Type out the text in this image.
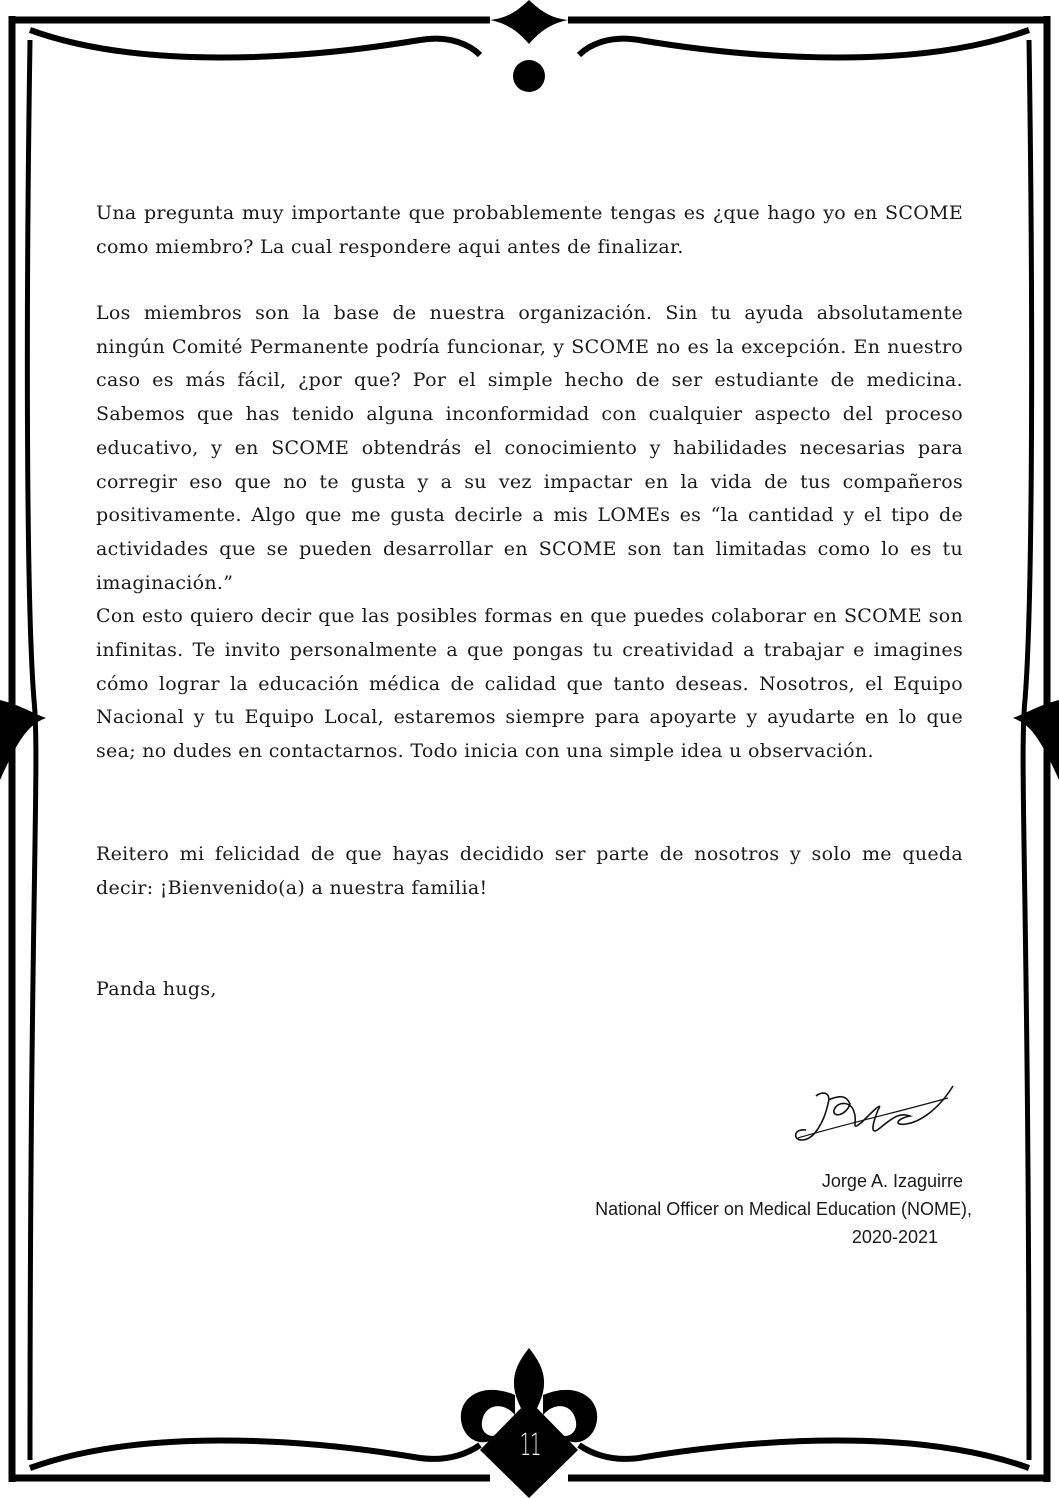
Una pregunta muy importante que probablemente tengas es ¿que hago yo en SCOME como miembro? La cual respondere aqui antes de finalizar.

Los miembros son la base de nuestra organización. Sin tu ayuda absolutamente ningún Comité Permanente podría funcionar, y SCOME no es la excepción. En nuestro caso es más fácil, ¿por que? Por el simple hecho de ser estudiante de medicina. Sabemos que has tenido alguna inconformidad con cualquier aspecto del proceso educativo, y en SCOME obtendrás el conocimiento y habilidades necesarias para corregir eso que no te gusta y a su vez impactar en la vida de tus compañeros positivamente. Algo que me gusta decirle a mis LOMEs es “la cantidad y el tipo de actividades que se pueden desarrollar en SCOME son tan limitadas como lo es tu imaginación.”

Con esto quiero decir que las posibles formas en que puedes colaborar en SCOME son infinitas. Te invito personalmente a que pongas tu creatividad a trabajar e imagines cómo lograr la educación médica de calidad que tanto deseas. Nosotros, el Equipo Nacional y tu Equipo Local, estaremos siempre para apoyarte y ayudarte en lo que sea; no dudes en contactarnos. Todo inicia con una simple idea u observación.

Reitero mi felicidad de que hayas decidido ser parte de nosotros y solo me queda decir: ¡Bienvenido(a) a nuestra familia!

Panda hugs,
Jorge A. Izaguirre
National Officer on Medical Education (NOME),
2020-2021
11
